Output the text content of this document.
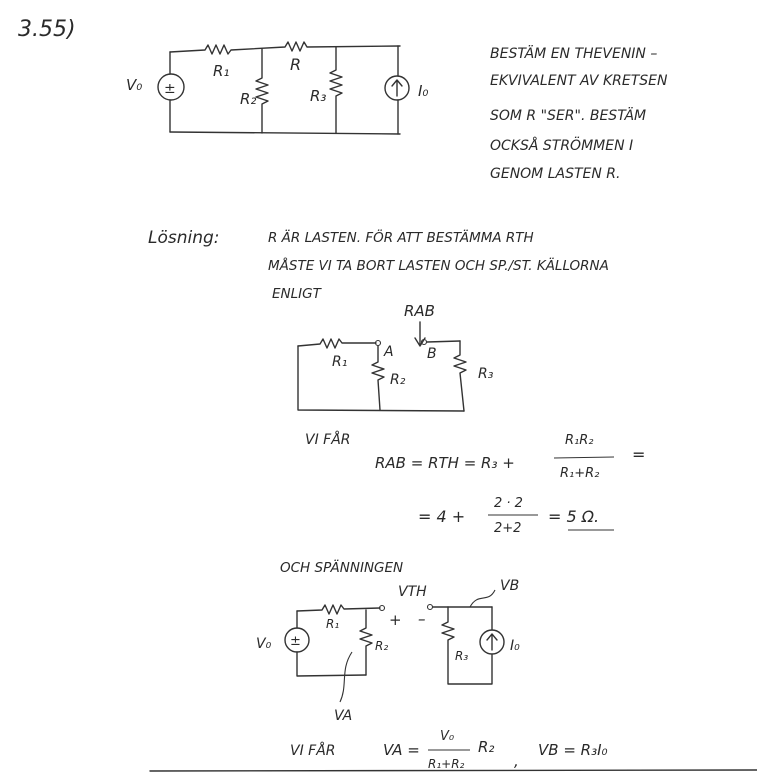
3.55)
±
V₀
R₁	R
R₂	R₃	I₀
BESTÄM EN THEVENIN –
EKVIVALENT AV KRETSEN
SOM R "SER". BESTÄM
OCKSÅ STRÖMMEN I
GENOM LASTEN R.
Lösning:	R ÄR LASTEN. FÖR ATT BESTÄMMA RTH
MÅSTE VI TA BORT LASTEN OCH SP./ST. KÄLLORNA
ENLIGT
RAB
R₁
A B
R₂	R₃
VI FÅR
RAB = RTH = R₃ +
R₁R₂
R₁+R₂
=
= 4 +
2 · 2
2+2
= 5 Ω.
OCH SPÄNNINGEN
±
VTH	VB
+ –
R₁
R₂
R₃
V₀	I₀
VA
VI FÅR	VA =
V₀
R₁+R₂
R₂
,
VB = R₃I₀
